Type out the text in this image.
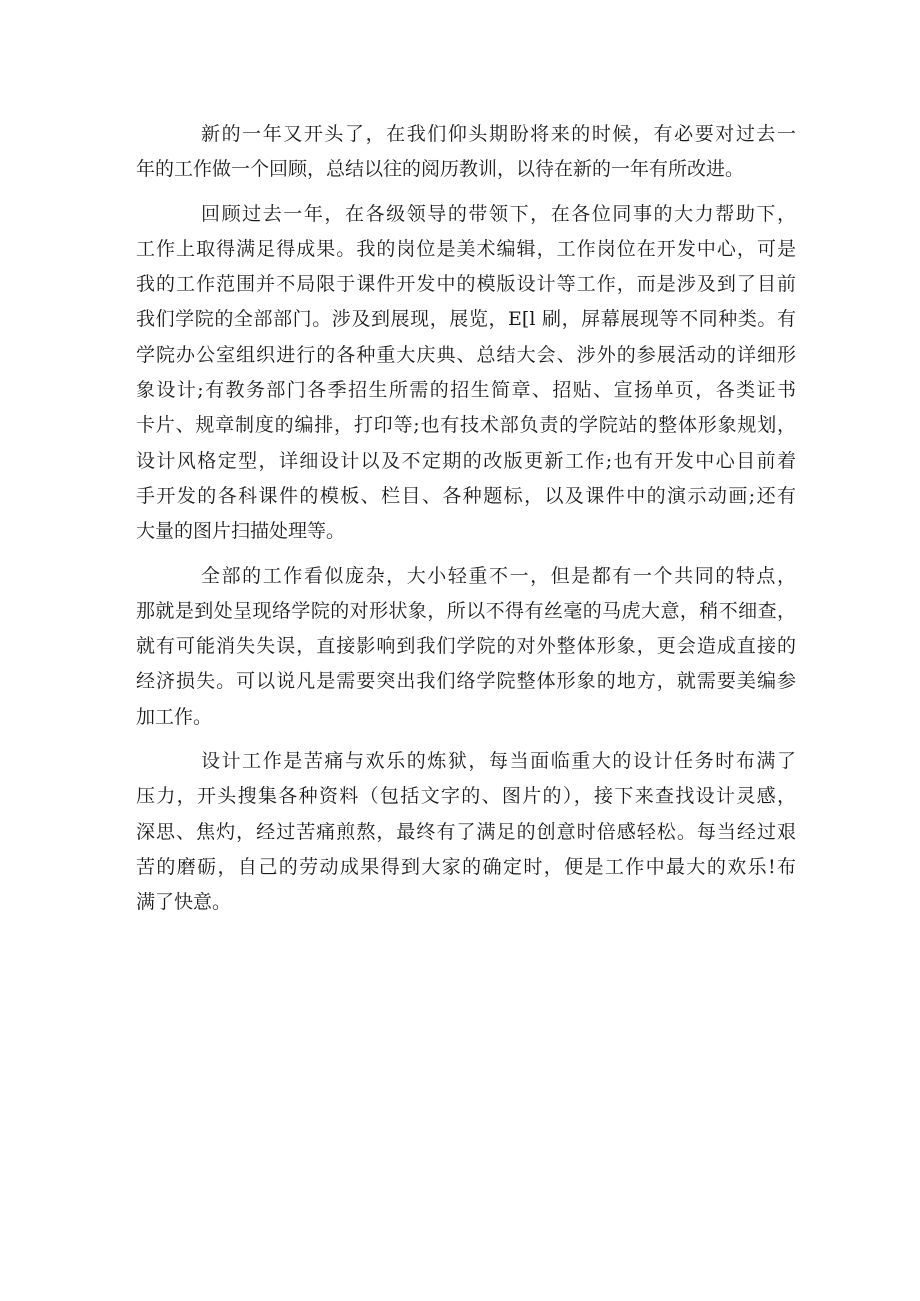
新的一年又开头了，在我们仰头期盼将来的时候，有必要对过去一
年的工作做一个回顾，总结以往的阅历教训，以待在新的一年有所改进。
回顾过去一年，在各级领导的带领下，在各位同事的大力帮助下，
工作上取得满足得成果。我的岗位是美术编辑，工作岗位在开发中心，可是
我的工作范围并不局限于课件开发中的模版设计等工作，而是涉及到了目前
我们学院的全部部门。涉及到展现，展览，E[l 刷，屏幕展现等不同种类。有
学院办公室组织进行的各种重大庆典、总结大会、涉外的参展活动的详细形
象设计;有教务部门各季招生所需的招生简章、招贴、宣扬单页，各类证书
卡片、规章制度的编排，打印等;也有技术部负责的学院站的整体形象规划，
设计风格定型，详细设计以及不定期的改版更新工作;也有开发中心目前着
手开发的各科课件的模板、栏目、各种题标，以及课件中的演示动画;还有
大量的图片扫描处理等。
全部的工作看似庞杂，大小轻重不一，但是都有一个共同的特点，
那就是到处呈现络学院的对形状象，所以不得有丝毫的马虎大意，稍不细查，
就有可能消失失误，直接影响到我们学院的对外整体形象，更会造成直接的
经济损失。可以说凡是需要突出我们络学院整体形象的地方，就需要美编参
加工作。
设计工作是苦痛与欢乐的炼狱，每当面临重大的设计任务时布满了
压力，开头搜集各种资料（包括文字的、图片的），接下来查找设计灵感，
深思、焦灼，经过苦痛煎熬，最终有了满足的创意时倍感轻松。每当经过艰
苦的磨砺，自己的劳动成果得到大家的确定时，便是工作中最大的欢乐!布
满了快意。
